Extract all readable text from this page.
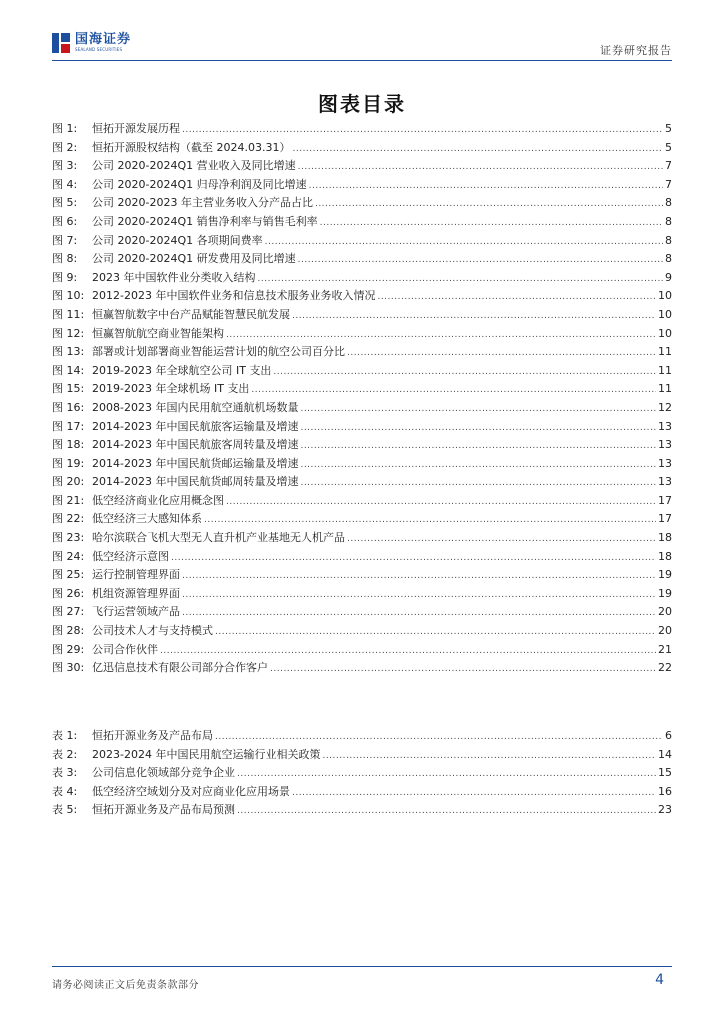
国海证券
SEALAND SECURITIES	证券研究报告
图表目录
图 1:	恒拓开源发展历程 .....	5
图 2:	恒拓开源股权结构（截至 2024.03.31） .....	5
图 3:	公司 2020-2024Q1 营业收入及同比增速 .....	7
图 4:	公司 2020-2024Q1 归母净利润及同比增速 .....	7
图 5:	公司 2020-2023 年主营业务收入分产品占比 .....	8
图 6:	公司 2020-2024Q1 销售净利率与销售毛利率 .....	8
图 7:	公司 2020-2024Q1 各项期间费率 .....	8
图 8:	公司 2020-2024Q1 研发费用及同比增速 .....	8
图 9:	2023 年中国软件业分类收入结构 .....	9
图 10: 2012-2023 年中国软件业务和信息技术服务业务收入情况 .....	10
图 11: 恒赢智航数字中台产品赋能智慧民航发展 .....	10
图 12: 恒赢智航航空商业智能架构 .....	10
图 13: 部署或计划部署商业智能运营计划的航空公司百分比 .....	11
图 14: 2019-2023 年全球航空公司 IT 支出 .....	11
图 15: 2019-2023 年全球机场 IT 支出 .....	11
图 16: 2008-2023 年国内民用航空通航机场数量 .....	12
图 17: 2014-2023 年中国民航旅客运输量及增速 .....	13
图 18: 2014-2023 年中国民航旅客周转量及增速 .....	13
图 19: 2014-2023 年中国民航货邮运输量及增速 .....	13
图 20: 2014-2023 年中国民航货邮周转量及增速 .....	13
图 21: 低空经济商业化应用概念图 .....	17
图 22: 低空经济三大感知体系 .....	17
图 23: 哈尔滨联合飞机大型无人直升机产业基地无人机产品 .....	18
图 24: 低空经济示意图 .....	18
图 25: 运行控制管理界面 .....	19
图 26: 机组资源管理界面 .....	19
图 27: 飞行运营领域产品 .....	20
图 28: 公司技术人才与支持模式 .....	20
图 29: 公司合作伙伴 .....	21
图 30: 亿迅信息技术有限公司部分合作客户 .....	22
表 1:	恒拓开源业务及产品布局 .....	6
表 2:	2023-2024 年中国民用航空运输行业相关政策 .....	14
表 3:	公司信息化领域部分竞争企业 .....	15
表 4:	低空经济空域划分及对应商业化应用场景 .....	16
表 5:	恒拓开源业务及产品布局预测 .....	23
请务必阅读正文后免责条款部分	4
